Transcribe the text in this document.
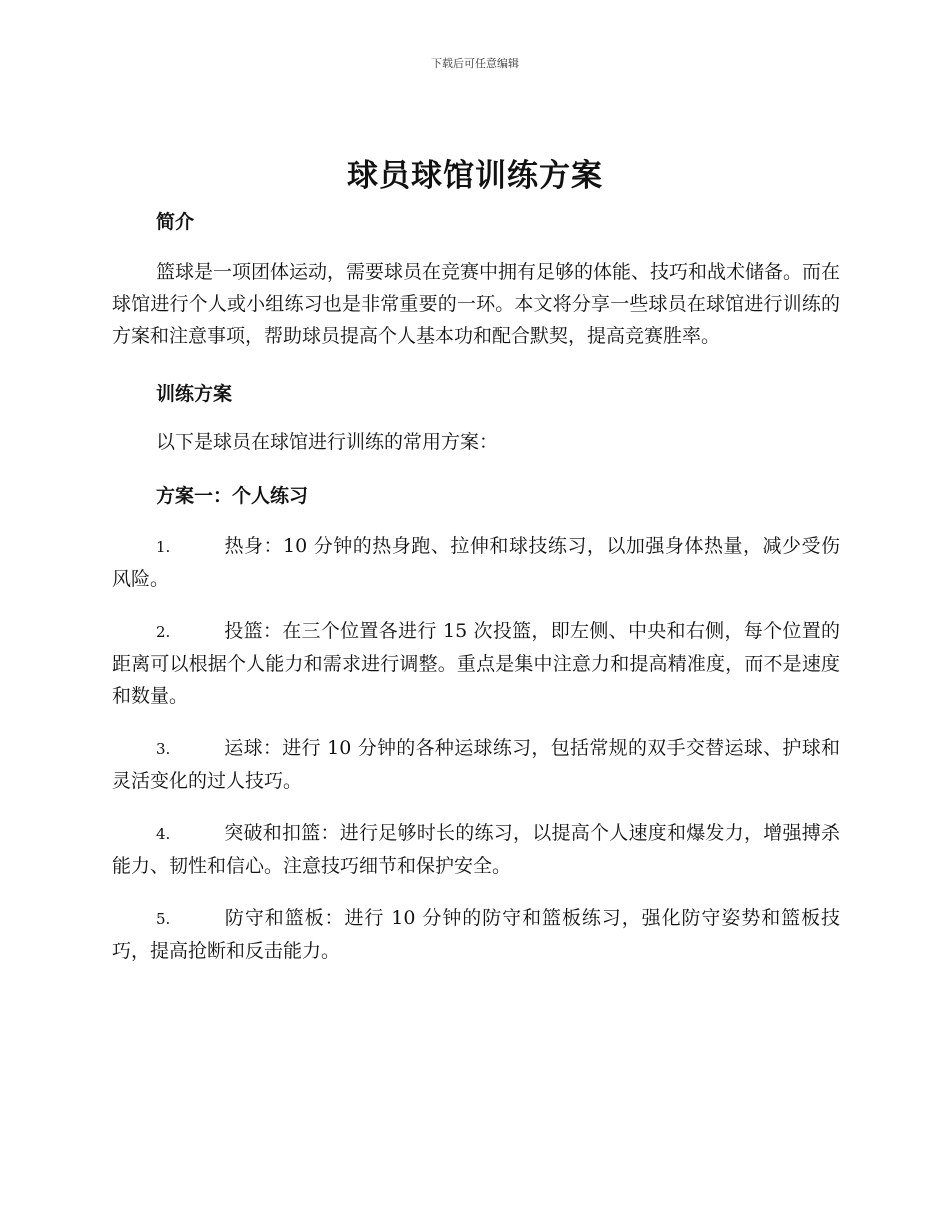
下载后可任意编辑
球员球馆训练方案
简介
篮球是一项团体运动，需要球员在竞赛中拥有足够的体能、技巧和战术储备。而在球馆进行个人或小组练习也是非常重要的一环。本文将分享一些球员在球馆进行训练的方案和注意事项，帮助球员提高个人基本功和配合默契，提高竞赛胜率。
训练方案
以下是球员在球馆进行训练的常用方案：
方案一：个人练习
1.	热身：10 分钟的热身跑、拉伸和球技练习，以加强身体热量，减少受伤风险。
2.	投篮：在三个位置各进行 15 次投篮，即左侧、中央和右侧，每个位置的距离可以根据个人能力和需求进行调整。重点是集中注意力和提高精准度，而不是速度和数量。
3.	运球：进行 10 分钟的各种运球练习，包括常规的双手交替运球、护球和灵活变化的过人技巧。
4.	突破和扣篮：进行足够时长的练习，以提高个人速度和爆发力，增强搏杀能力、韧性和信心。注意技巧细节和保护安全。
5.	防守和篮板：进行 10 分钟的防守和篮板练习，强化防守姿势和篮板技巧，提高抢断和反击能力。
